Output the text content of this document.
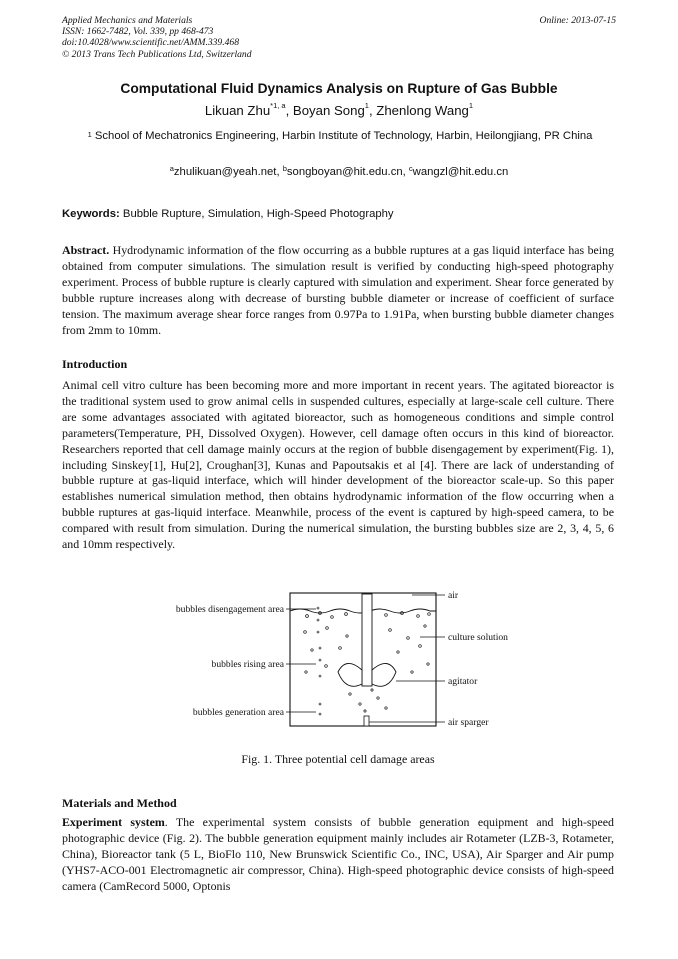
Applied Mechanics and Materials
ISSN: 1662-7482, Vol. 339, pp 468-473
doi:10.4028/www.scientific.net/AMM.339.468
© 2013 Trans Tech Publications Ltd, Switzerland
Online: 2013-07-15
Computational Fluid Dynamics Analysis on Rupture of Gas Bubble
Likuan Zhu$^{*1, a}$, Boyan Song$^1$, Zhenlong Wang$^1$
$^1$ School of Mechatronics Engineering, Harbin Institute of Technology, Harbin, Heilongjiang, PR China
$^a$zhulikuan@yeah.net, $^b$songboyan@hit.edu.cn, $^c$wangzl@hit.edu.cn
Keywords: Bubble Rupture, Simulation, High-Speed Photography
Abstract. Hydrodynamic information of the flow occurring as a bubble ruptures at a gas liquid interface has being obtained from computer simulations. The simulation result is verified by conducting high-speed photography experiment. Process of bubble rupture is clearly captured with simulation and experiment. Shear force generated by bubble rupture increases along with decrease of bursting bubble diameter or increase of coefficient of surface tension. The maximum average shear force ranges from 0.97Pa to 1.91Pa, when bursting bubble diameter changes from 2mm to 10mm.
Introduction
Animal cell vitro culture has been becoming more and more important in recent years. The agitated bioreactor is the traditional system used to grow animal cells in suspended cultures, especially at large-scale cell culture. There are some advantages associated with agitated bioreactor, such as homogeneous conditions and simple control parameters(Temperature, PH, Dissolved Oxygen). However, cell damage often occurs in this kind of bioreactor. Researchers reported that cell damage mainly occurs at the region of bubble disengagement by experiment(Fig. 1), including Sinskey[1], Hu[2], Croughan[3], Kunas and Papoutsakis et al [4]. There are lack of understanding of bubble rupture at gas-liquid interface, which will hinder development of the bioreactor scale-up. So this paper establishes numerical simulation method, then obtains hydrodynamic information of the flow occurring when a bubble ruptures at gas-liquid interface. Meanwhile, process of the event is captured by high-speed camera, to be compared with result from simulation. During the numerical simulation, the bursting bubbles size are 2, 3, 4, 5, 6 and 10mm respectively.
bubbles disengagement area
bubbles rising area
bubbles generation area
air
culture solution
agitator
air sparger
Fig. 1. Three potential cell damage areas
Materials and Method
Experiment system. The experimental system consists of bubble generation equipment and high-speed photographic device (Fig. 2). The bubble generation equipment mainly includes air Rotameter (LZB-3, Rotameter, China), Bioreactor tank (5 L, BioFlo 110, New Brunswick Scientific Co., INC, USA), Air Sparger and Air pump (YHS7-ACO-001 Electromagnetic air compressor, China). High-speed photographic device consists of high-speed camera (CamRecord 5000, Optonis
